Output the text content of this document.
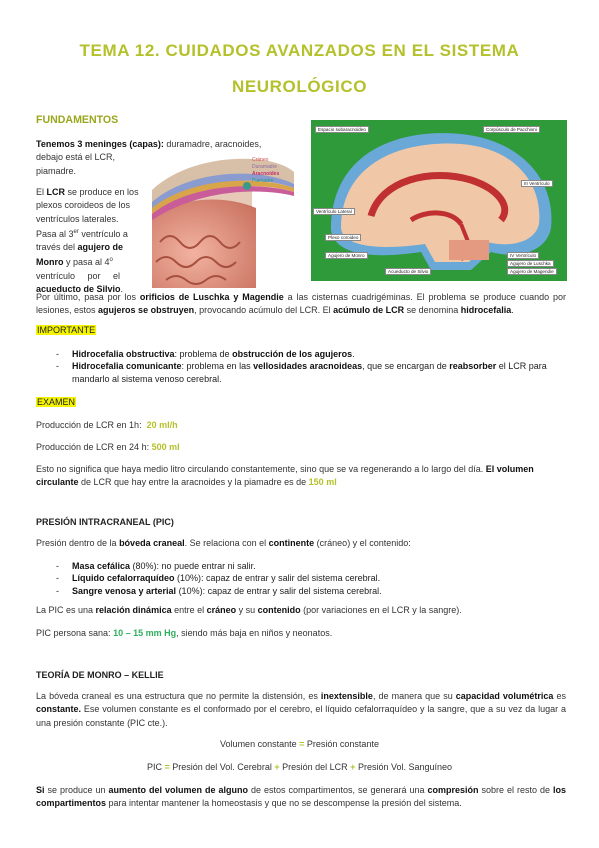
TEMA 12. CUIDADOS AVANZADOS EN EL SISTEMA
NEUROLÓGICO
FUNDAMENTOS
Tenemos 3 meninges (capas): duramadre, aracnoides,
debajo está el LCR,
piamadre.
El LCR se produce en los
plexos coroideos de los
ventrículos laterales.
Pasa al 3er ventrículo a
través del agujero de
Monro y pasa al 4$^o$
ventrículo     por     el
acueducto de Silvio.
Cráneo
Duramadre
Aracnoides
Piamadre
Espacio subaracnoideo	Corpúsculo de Pacchioni
Ventrículo Lateral
III Ventrículo
Plexo coroideo
Agujero de Monro	IV Ventrículo
Acueducto de Silvio
Agujero de Luschka
Agujero de Magendie
Por último, pasa por los orificios de Luschka y Magendie a las cisternas cuadrigéminas. El problema se produce cuando por lesiones, estos agujeros se obstruyen, provocando acúmulo del LCR. El acúmulo de LCR se denomina hidrocefalia.
IMPORTANTE
- Hidrocefalia obstructiva: problema de obstrucción de los agujeros.
- Hidrocefalia comunicante: problema en las vellosidades aracnoideas, que se encargan de reabsorber el LCR para mandarlo al sistema venoso cerebral.
EXAMEN
Producción de LCR en 1h: 20 ml/h
Producción de LCR en 24 h: 500 ml
Esto no significa que haya medio litro circulando constantemente, sino que se va regenerando a lo largo del día. El volumen circulante de LCR que hay entre la aracnoides y la piamadre es de 150 ml
PRESIÓN INTRACRANEAL (PIC)
Presión dentro de la bóveda craneal. Se relaciona con el continente (cráneo) y el contenido:
- Masa cefálica (80%): no puede entrar ni salir.
- Líquido cefalorraquídeo (10%): capaz de entrar y salir del sistema cerebral.
- Sangre venosa y arterial (10%): capaz de entrar y salir del sistema cerebral.
La PIC es una relación dinámica entre el cráneo y su contenido (por variaciones en el LCR y la sangre).
PIC persona sana: 10 – 15 mm Hg, siendo más baja en niños y neonatos.
TEORÍA DE MONRO – KELLIE
La bóveda craneal es una estructura que no permite la distensión, es inextensible, de manera que su capacidad volumétrica es constante. Ese volumen constante es el conformado por el cerebro, el líquido cefalorraquídeo y la sangre, que a su vez da lugar a una presión constante (PIC cte.).
Volumen constante = Presión constante
PIC = Presión del Vol. Cerebral + Presión del LCR + Presión Vol. Sanguíneo
Si se produce un aumento del volumen de alguno de estos compartimentos, se generará una compresión sobre el resto de los compartimentos para intentar mantener la homeostasis y que no se descompense la presión del sistema.
